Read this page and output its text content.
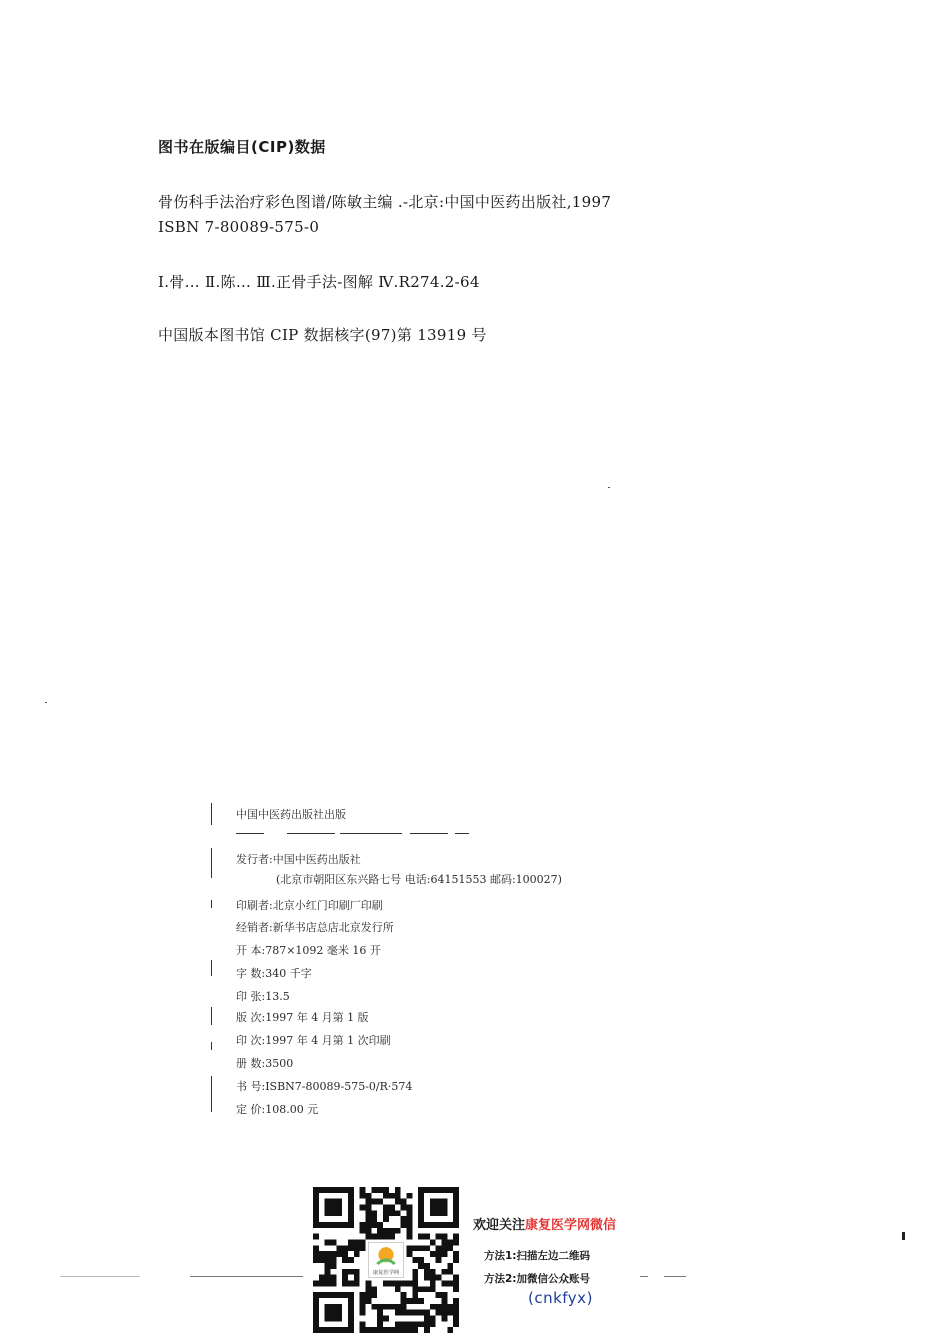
图书在版编目(CIP)数据
骨伤科手法治疗彩色图谱/陈敏主编 .-北京:中国中医药出版社,1997
ISBN 7-80089-575-0
Ⅰ.骨… Ⅱ.陈… Ⅲ.正骨手法-图解 Ⅳ.R274.2-64
中国版本图书馆 CIP 数据核字(97)第 13919 号
中国中医药出版社出版
发行者:中国中医药出版社
(北京市朝阳区东兴路七号 电话:64151553 邮码:100027)
印刷者:北京小红门印刷厂印刷
经销者:新华书店总店北京发行所
开 本:787×1092 毫米 16 开
字 数:340 千字
印 张:13.5
版 次:1997 年 4 月第 1 版
印 次:1997 年 4 月第 1 次印刷
册 数:3500
书 号:ISBN7-80089-575-0/R·574
定 价:108.00 元
欢迎关注康复医学网微信
方法1:扫描左边二维码
方法2:加微信公众账号
(cnkfyx)
